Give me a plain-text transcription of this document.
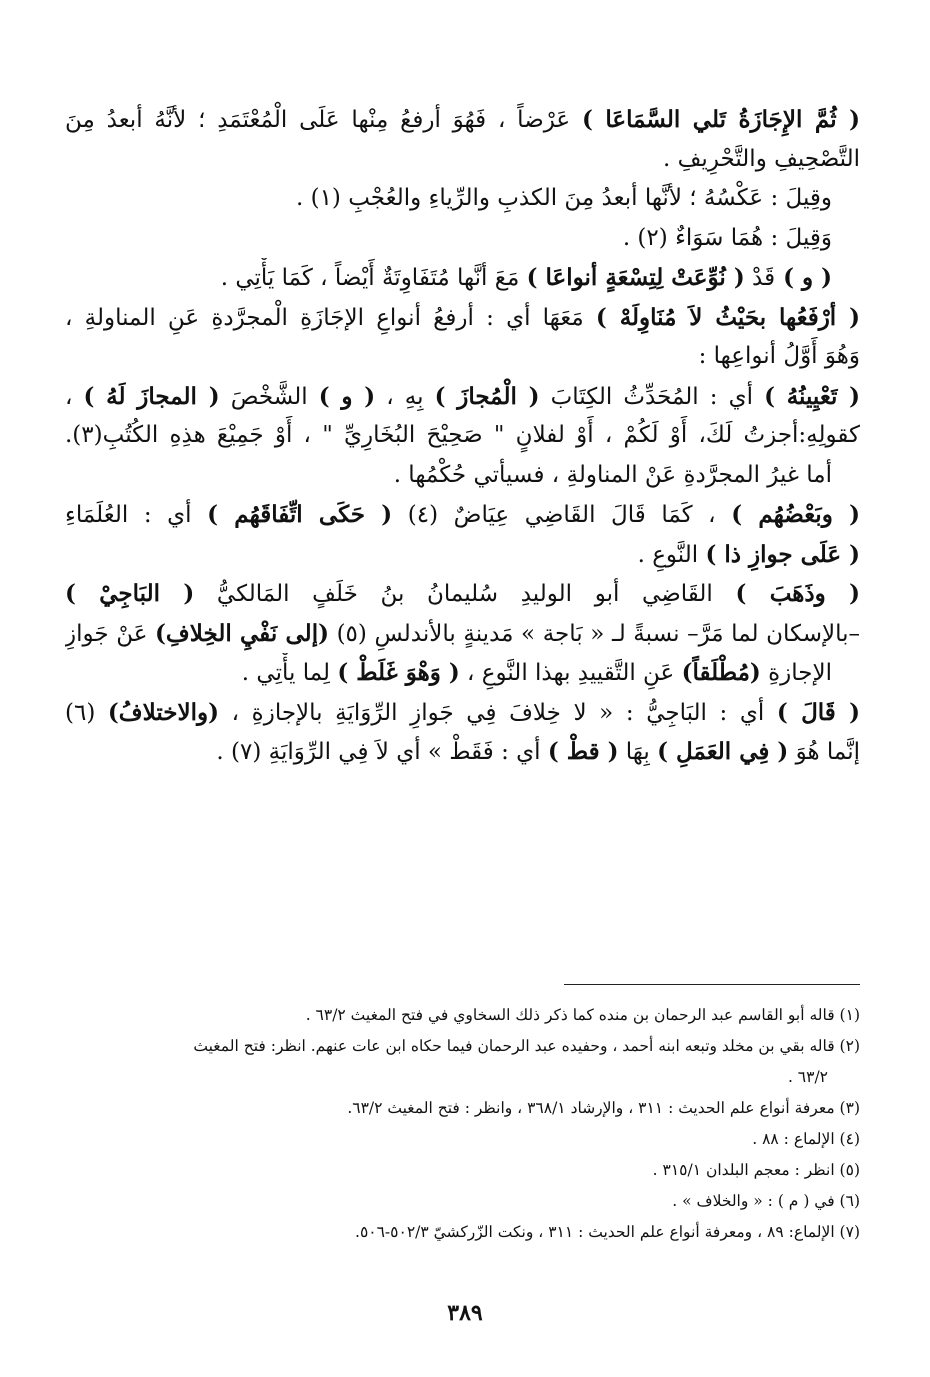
( ثُمَّ الإِجَازَةُ تَلي السَّمَاعَا ) عَرْضاً ، فَهُوَ أرفعُ مِنْها عَلَى الْمُعْتَمَدِ ؛ لأنَّهُ أبعدُ مِنَ
التَّصْحِيفِ والتَّحْرِيفِ .
وقِيلَ : عَكْسُهُ ؛ لأنَّها أبعدُ مِنَ الكذبِ والرِّياءِ والعُجْبِ (١) .
وَقِيلَ : هُمَا سَوَاءٌ (٢) .
( و ) قَدْ ( نُوِّعَتْ لِتِسْعَةٍ أنواعَا ) مَعَ أنَّها مُتَفَاوِتَةٌ أَيْضاً ، كَمَا يَأْتِي .
( أرْفَعُها بحَيْثُ لاَ مُنَاوِلَهْ ) مَعَهَا أي : أرفعُ أنواعِ الإجَازَةِ الْمجرَّدةِ عَنِ المناولةِ ،
وَهُوَ أَوَّلُ أنواعِها :
( تَعْيِينُهُ ) أي : المُحَدِّثُ الكِتَابَ ( الْمُجازَ ) بِهِ ، ( و ) الشَّخْصَ ( المجازَ لَهُ ) ،
كقولِهِ:أجزتُ لَكَ، أَوْ لَكُمْ ، أَوْ لفلانٍ " صَحِيْحَ البُخَارِيِّ " ، أَوْ جَمِيْعَ هذِهِ الكُتُبِ(٣).
أما غيرُ المجرَّدةِ عَنْ المناولةِ ، فسيأتي حُكْمُها .
( وبَعْضُهُم ) ، كَمَا قَالَ القَاضِي عِيَاضٌ (٤) ( حَكَى اتِّفَاقَهُم ) أي : العُلَمَاءِ
( عَلَى جوازِ ذا ) النَّوعِ .
( وذَهَبَ ) القَاضِي أبو الوليدِ سُليمانُ بنُ خَلَفٍ المَالكيُّ ( البَاجِيْ )
–بالإسكان لما مَرَّ– نسبةً لـ « بَاجة » مَدينةٍ بالأندلسِ (٥) (إلى نَفْيِ الخِلافِ) عَنْ جَوازِ
الإجازةِ (مُطْلَقاً) عَنِ التَّقييدِ بهذا النَّوعِ ، ( وَهْوَ غَلَطْ ) لِما يأْتِي .
( قَالَ ) أي : البَاجِيُّ : « لا خِلافَ فِي جَوازِ الرِّوَايَةِ بالإجازةِ ، (والاختلافُ) (٦)
إنَّما هُوَ ( فِي العَمَلِ ) بِهَا ( قطْ ) أي : فَقَطْ » أي لاَ فِي الرِّوَايَةِ (٧) .
(١) قاله أبو القاسم عبد الرحمان بن منده كما ذكر ذلك السخاوي في فتح المغيث ٦٣/٢ .
(٢) قاله بقي بن مخلد وتبعه ابنه أحمد ، وحفيده عبد الرحمان فيما حكاه ابن عات عنهم. انظر: فتح المغيث
٦٣/٢ .
(٣) معرفة أنواع علم الحديث : ٣١١ ، والإرشاد ٣٦٨/١ ، وانظر : فتح المغيث ٦٣/٢.
(٤) الإلماع : ٨٨ .
(٥) انظر : معجم البلدان ٣١٥/١ .
(٦) في ( م ) : « والخلاف » .
(٧) الإلماع: ٨٩ ، ومعرفة أنواع علم الحديث : ٣١١ ، ونكت الزّركشيّ ٥٠٢/٣-٥٠٦.
٣٨٩
